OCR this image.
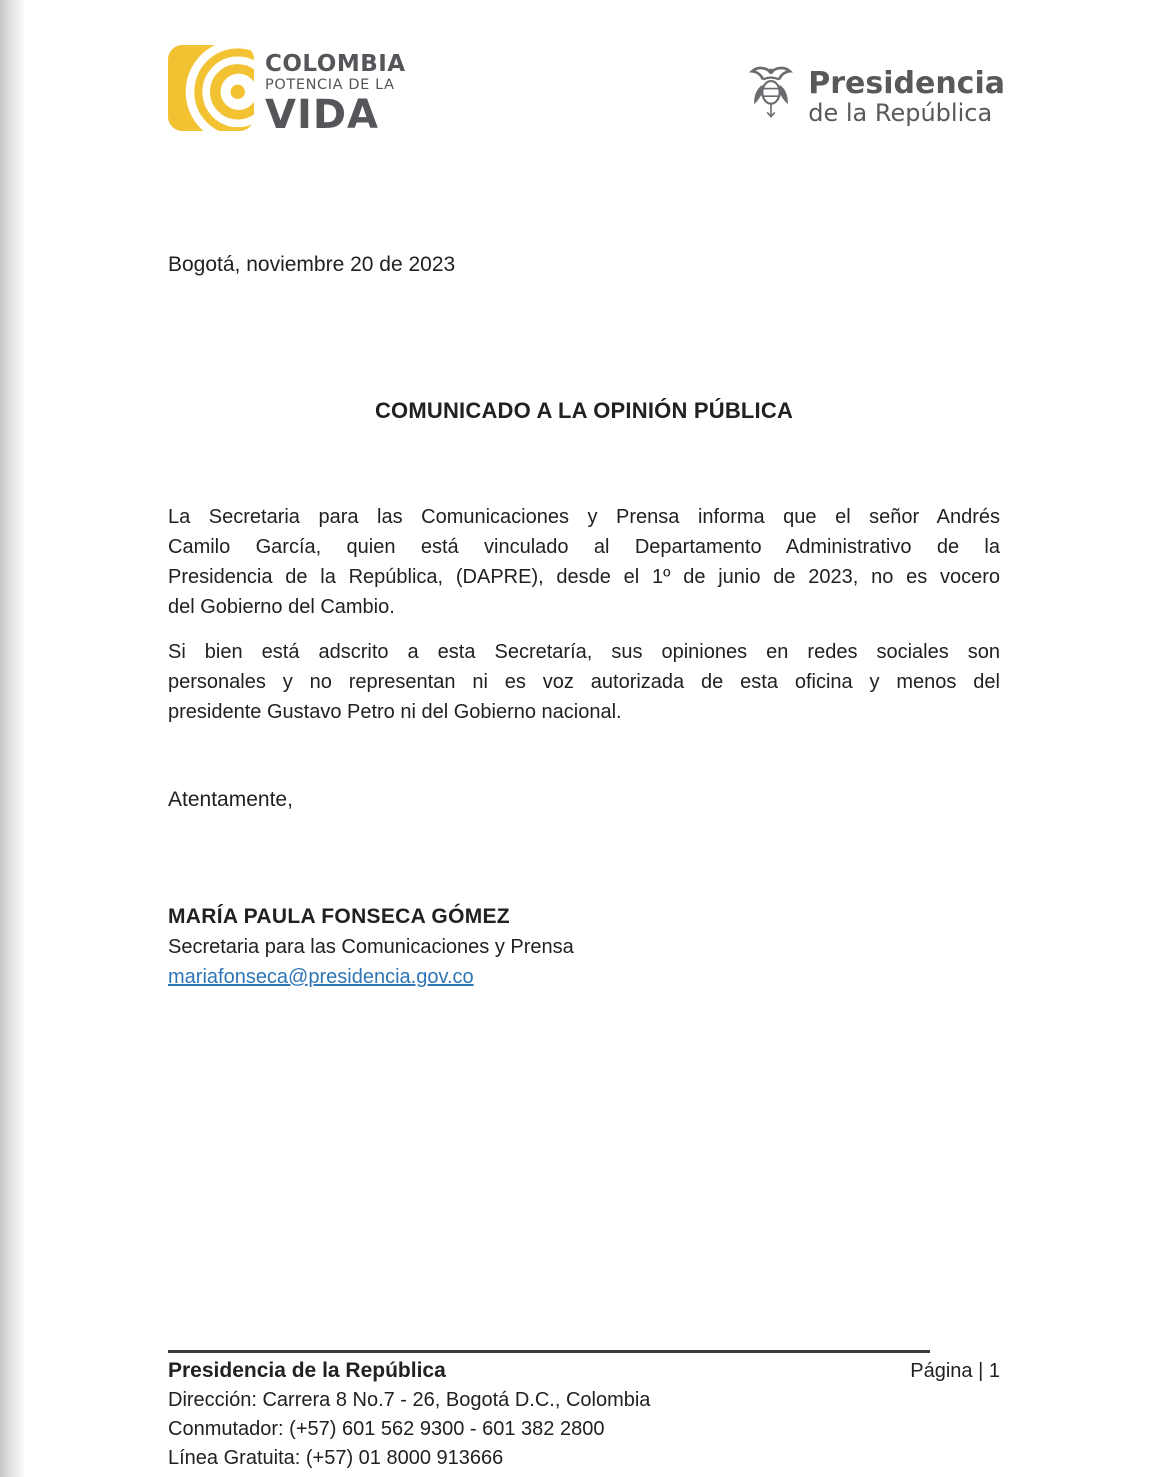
COLOMBIA
POTENCIA DE LA
VIDA
Presidencia
de la República
Bogotá, noviembre 20 de 2023
COMUNICADO A LA OPINIÓN PÚBLICA
La Secretaria para las Comunicaciones y Prensa informa que el señor Andrés
Camilo García, quien está vinculado al Departamento Administrativo de la
Presidencia de la República, (DAPRE), desde el 1º de junio de 2023, no es vocero
del Gobierno del Cambio.
Si bien está adscrito a esta Secretaría, sus opiniones en redes sociales son
personales y no representan ni es voz autorizada de esta oficina y menos del
presidente Gustavo Petro ni del Gobierno nacional.
Atentamente,
MARÍA PAULA FONSECA GÓMEZ
Secretaria para las Comunicaciones y Prensa
mariafonseca@presidencia.gov.co
Presidencia de la República	Página | 1
Dirección: Carrera 8 No.7 - 26, Bogotá D.C., Colombia
Conmutador: (+57) 601 562 9300 - 601 382 2800
Línea Gratuita: (+57) 01 8000 913666
